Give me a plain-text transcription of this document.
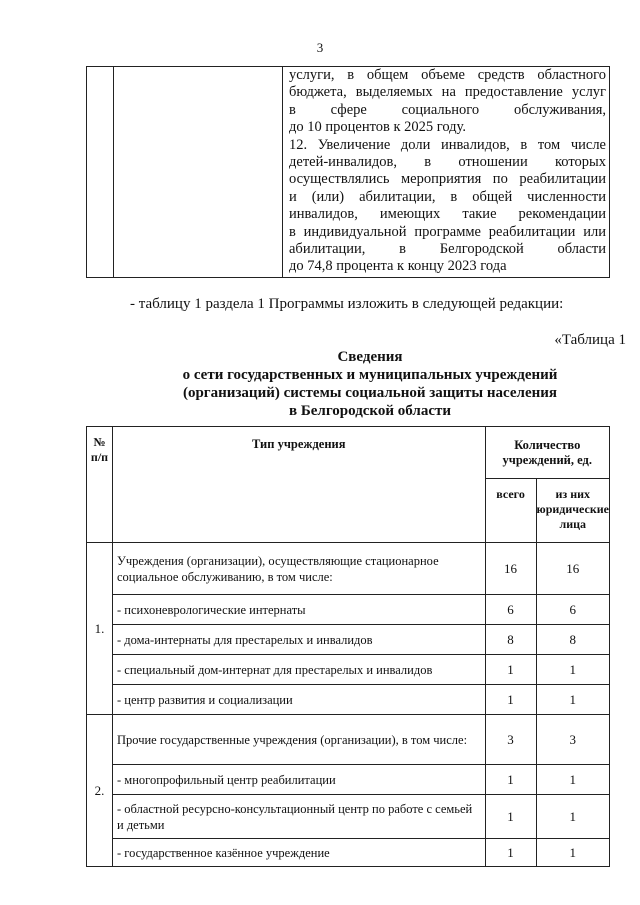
3

услуги, в общем объеме средств областного
бюджета, выделяемых на предоставление услуг
в сфере социального обслуживания,
до 10 процентов к 2025 году.
12. Увеличение доли инвалидов, в том числе
детей-инвалидов, в отношении которых
осуществлялись мероприятия по реабилитации
и (или) абилитации, в общей численности
инвалидов, имеющих такие рекомендации
в индивидуальной программе реабилитации или
абилитации, в Белгородской области
до 74,8 процента к концу 2023 года
- таблицу 1 раздела 1 Программы изложить в следующей редакции:
«Таблица 1
Сведения
о сети государственных и муниципальных учреждений
(организаций) системы социальной защиты населения
в Белгородской области
№ п/п	Тип учреждения	Количество учреждений, ед.	
		всего	из них юридические лица
1.	Учреждения (организации), осуществляющие стационарное социальное обслуживанию, в том числе:	16	16
	- психоневрологические интернаты	6	6
	- дома-интернаты для престарелых и инвалидов	8	8
	- специальный дом-интернат для престарелых и инвалидов	1	1
	- центр развития и социализации	1	1
2.	Прочие государственные учреждения (организации), в том числе:	3	3
	- многопрофильный центр реабилитации	1	1
	- областной ресурсно-консультационный центр по работе с семьей и детьми	1	1
	- государственное казённое учреждение	1	1
